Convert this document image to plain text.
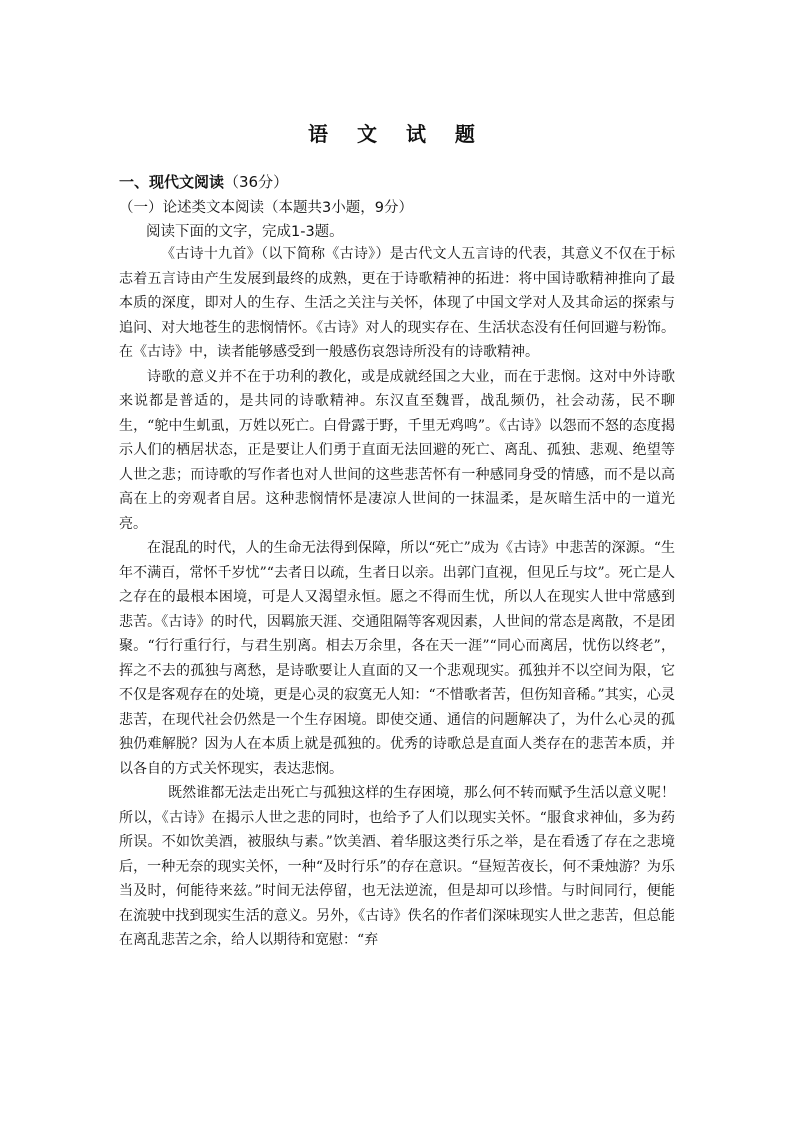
语 文 试 题
一、现代文阅读（36分）
（一）论述类文本阅读（本题共3小题，9分）
阅读下面的文字，完成1-3题。

《古诗十九首》（以下简称《古诗》）是古代文人五言诗的代表，其意义不仅在于标志着五言诗由产生发展到最终的成熟，更在于诗歌精神的拓进：将中国诗歌精神推向了最本质的深度，即对人的生存、生活之关注与关怀，体现了中国文学对人及其命运的探索与追问、对大地苍生的悲悯情怀。《古诗》对人的现实存在、生活状态没有任何回避与粉饰。在《古诗》中，读者能够感受到一般感伤哀怨诗所没有的诗歌精神。

诗歌的意义并不在于功利的教化，或是成就经国之大业，而在于悲悯。这对中外诗歌来说都是普适的，是共同的诗歌精神。东汉直至魏晋，战乱频仍，社会动荡，民不聊生，“鸵中生虮虱，万姓以死亡。白骨露于野，千里无鸡鸣”。《古诗》以怨而不怒的态度揭示人们的栖居状态，正是要让人们勇于直面无法回避的死亡、离乱、孤独、悲观、绝望等人世之悲；而诗歌的写作者也对人世间的这些悲苦怀有一种感同身受的情感，而不是以高高在上的旁观者自居。这种悲悯情怀是凄凉人世间的一抹温柔，是灰暗生活中的一道光亮。

在混乱的时代，人的生命无法得到保障，所以“死亡”成为《古诗》中悲苦的深源。“生年不满百，常怀千岁忧”“去者日以疏，生者日以亲。出郭门直视，但见丘与坟”。死亡是人之存在的最根本困境，可是人又渴望永恒。愿之不得而生忧，所以人在现实人世中常感到悲苦。《古诗》的时代，因羁旅天涯、交通阻隔等客观因素，人世间的常态是离散，不是团聚。“行行重行行，与君生别离。相去万余里，各在天一涯”“同心而离居，忧伤以终老”，挥之不去的孤独与离愁，是诗歌要让人直面的又一个悲观现实。孤独并不以空间为限，它不仅是客观存在的处境，更是心灵的寂寞无人知：“不惜歌者苦，但伤知音稀。”其实，心灵悲苦，在现代社会仍然是一个生存困境。即使交通、通信的问题解决了，为什么心灵的孤独仍难解脱？因为人在本质上就是孤独的。优秀的诗歌总是直面人类存在的悲苦本质，并以各自的方式关怀现实，表达悲悯。

既然谁都无法走出死亡与孤独这样的生存困境，那么何不转而赋予生活以意义呢！所以，《古诗》在揭示人世之悲的同时，也给予了人们以现实关怀。“服食求神仙，多为药所误。不如饮美酒，被服纨与素。”饮美酒、着华服这类行乐之举，是在看透了存在之悲境后，一种无奈的现实关怀，一种“及时行乐”的存在意识。“昼短苦夜长，何不秉烛游？为乐当及时，何能待来兹。”时间无法停留，也无法逆流，但是却可以珍惜。与时间同行，便能在流驶中找到现实生活的意义。另外，《古诗》佚名的作者们深味现实人世之悲苦，但总能在离乱悲苦之余，给人以期待和宽慰：“弃
